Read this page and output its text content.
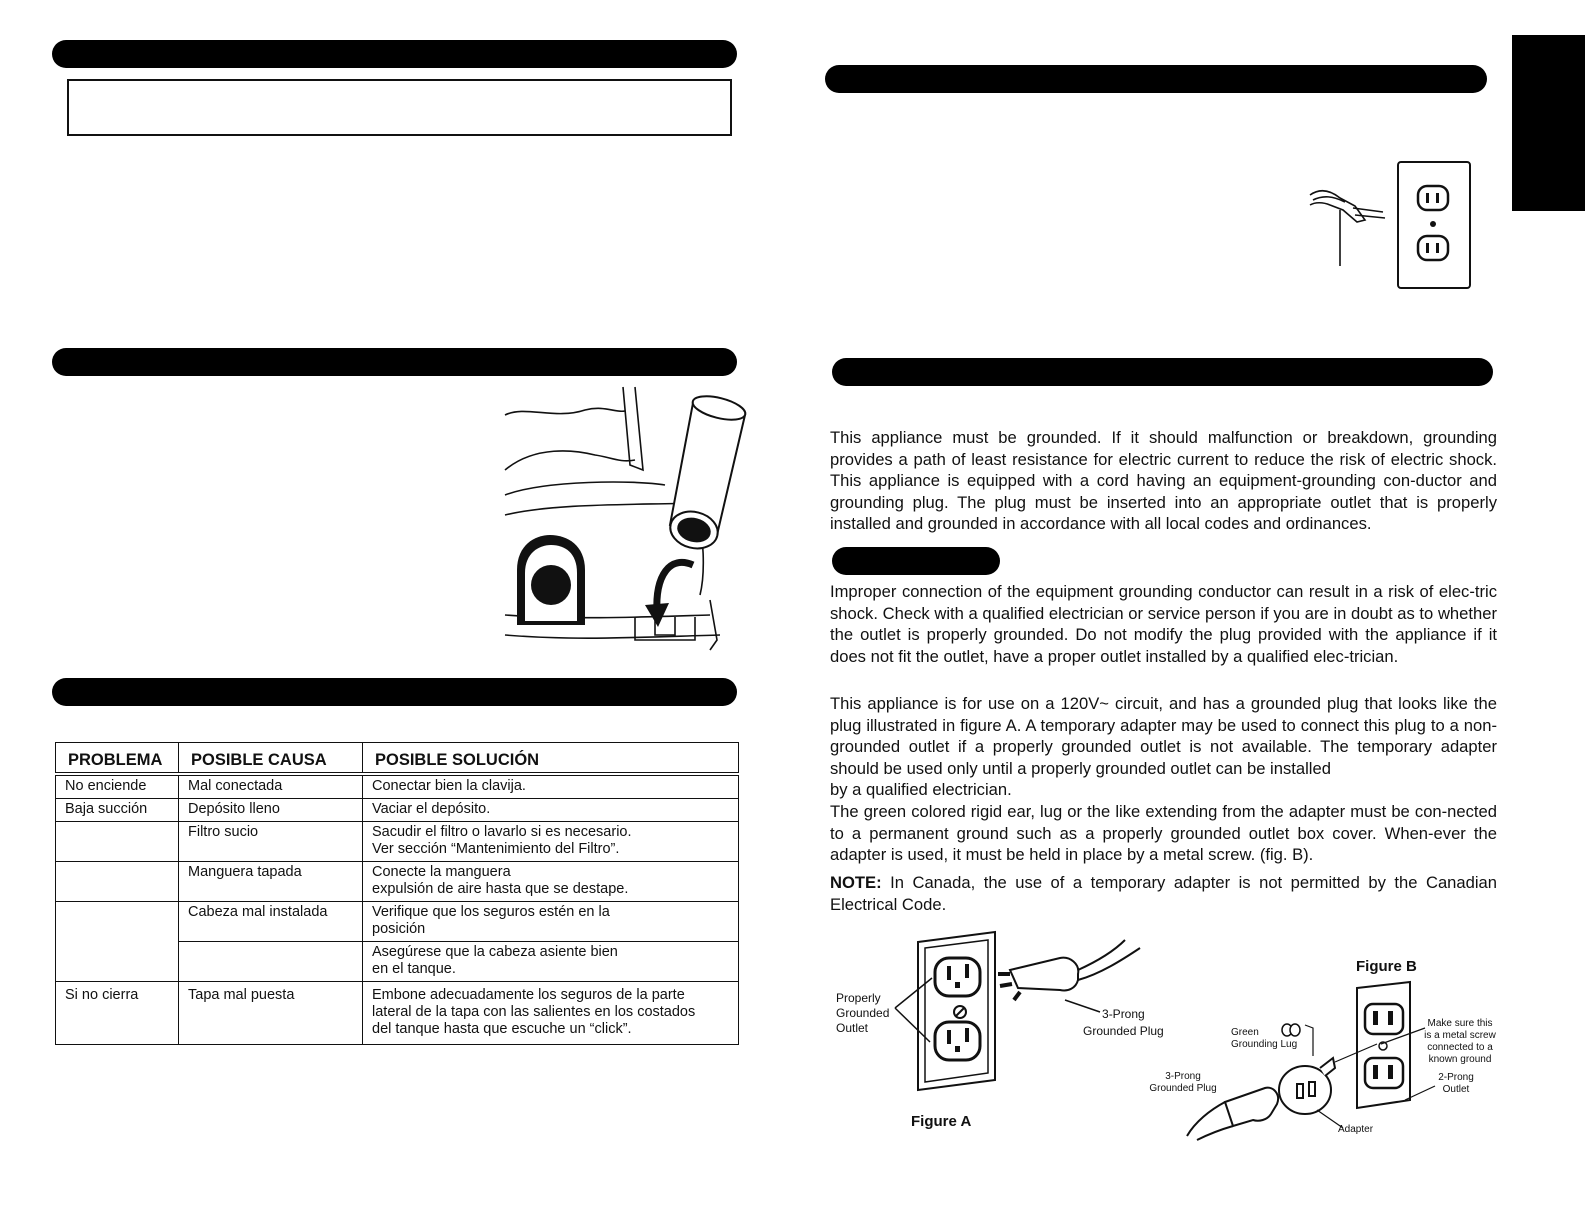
PROBLEMA	POSIBLE CAUSA	POSIBLE SOLUCIÓN
No enciende	Mal conectada	Conectar bien la clavija.
Baja succión	Depósito lleno	Vaciar el depósito.
	Filtro sucio	Sacudir el filtro o lavarlo si es necesario.
Ver sección “Mantenimiento del Filtro”.

	Manguera tapada	Conecte la manguera
expulsión de aire hasta que se destape.

	Cabeza mal instalada	Verifique que los seguros estén en la
posición

		Asegúrese que la cabeza asiente bien
en el tanque.

Si no cierra	Tapa mal puesta	Embone adecuadamente los seguros de la parte
lateral de la tapa con las salientes en los costados
del tanque hasta que escuche un “click”.

This appliance must be grounded. If it should malfunction or breakdown, grounding provides a path of least resistance for electric current to reduce the risk of electric shock. This appliance is equipped with a cord having an equipment-grounding con-ductor and grounding plug. The plug must be inserted into an appropriate outlet that is properly installed and grounded in accordance with all local codes and ordinances.

Improper connection of the equipment grounding conductor can result in a risk of elec-tric shock. Check with a qualified electrician or service person if you are in doubt as to whether the outlet is properly grounded. Do not modify the plug provided with the appliance if it does not fit the outlet, have a proper outlet installed by a qualified elec-trician.

This appliance is for use on a 120V~ circuit, and has a grounded plug that looks like the plug illustrated in figure A. A temporary adapter may be used to connect this plug to a non-grounded outlet if a properly grounded outlet is not available. The temporary adapter should be used only until a properly grounded outlet can be installed

by a qualified electrician.

The green colored rigid ear, lug or the like extending from the adapter must be con-nected to a permanent ground such as a properly grounded outlet box cover. When-ever the adapter is used, it must be held in place by a metal screw. (fig. B).

NOTE: In Canada, the use of a temporary adapter is not permitted by the Canadian Electrical Code.

Properly
Grounded
Outlet
3-Prong
Grounded Plug
Figure A
Figure B
Green
Grounding Lug
Make sure this
is a metal screw
connected to a
known ground
2-Prong
Outlet
3-Prong
Grounded Plug
Adapter
